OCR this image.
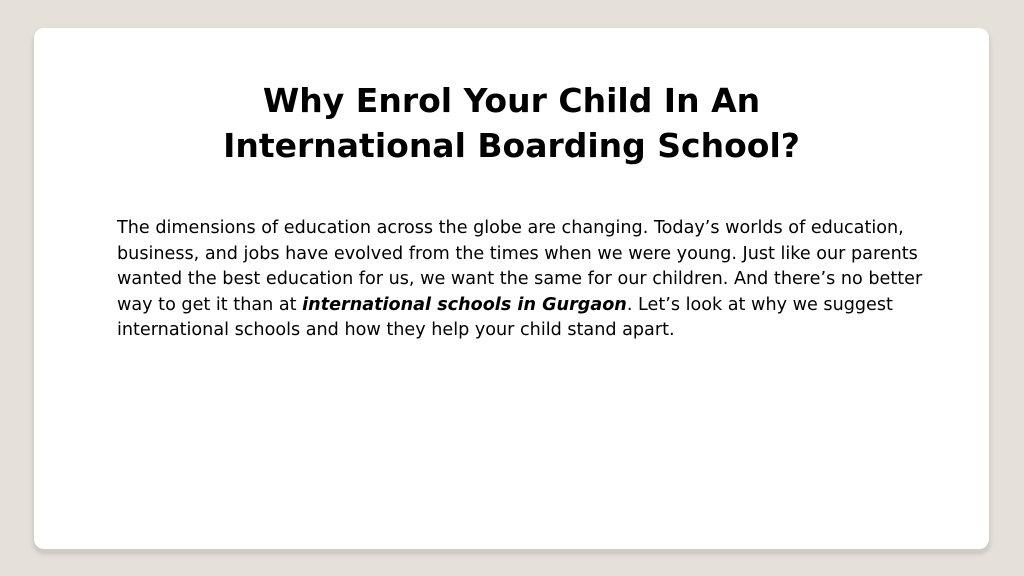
Why Enrol Your Child In An
International Boarding School?

The dimensions of education across the globe are changing. Today’s worlds of education, business, and jobs have evolved from the times when we were young. Just like our parents wanted the best education for us, we want the same for our children. And there’s no better way to get it than at international schools in Gurgaon. Let’s look at why we suggest international schools and how they help your child stand apart.
